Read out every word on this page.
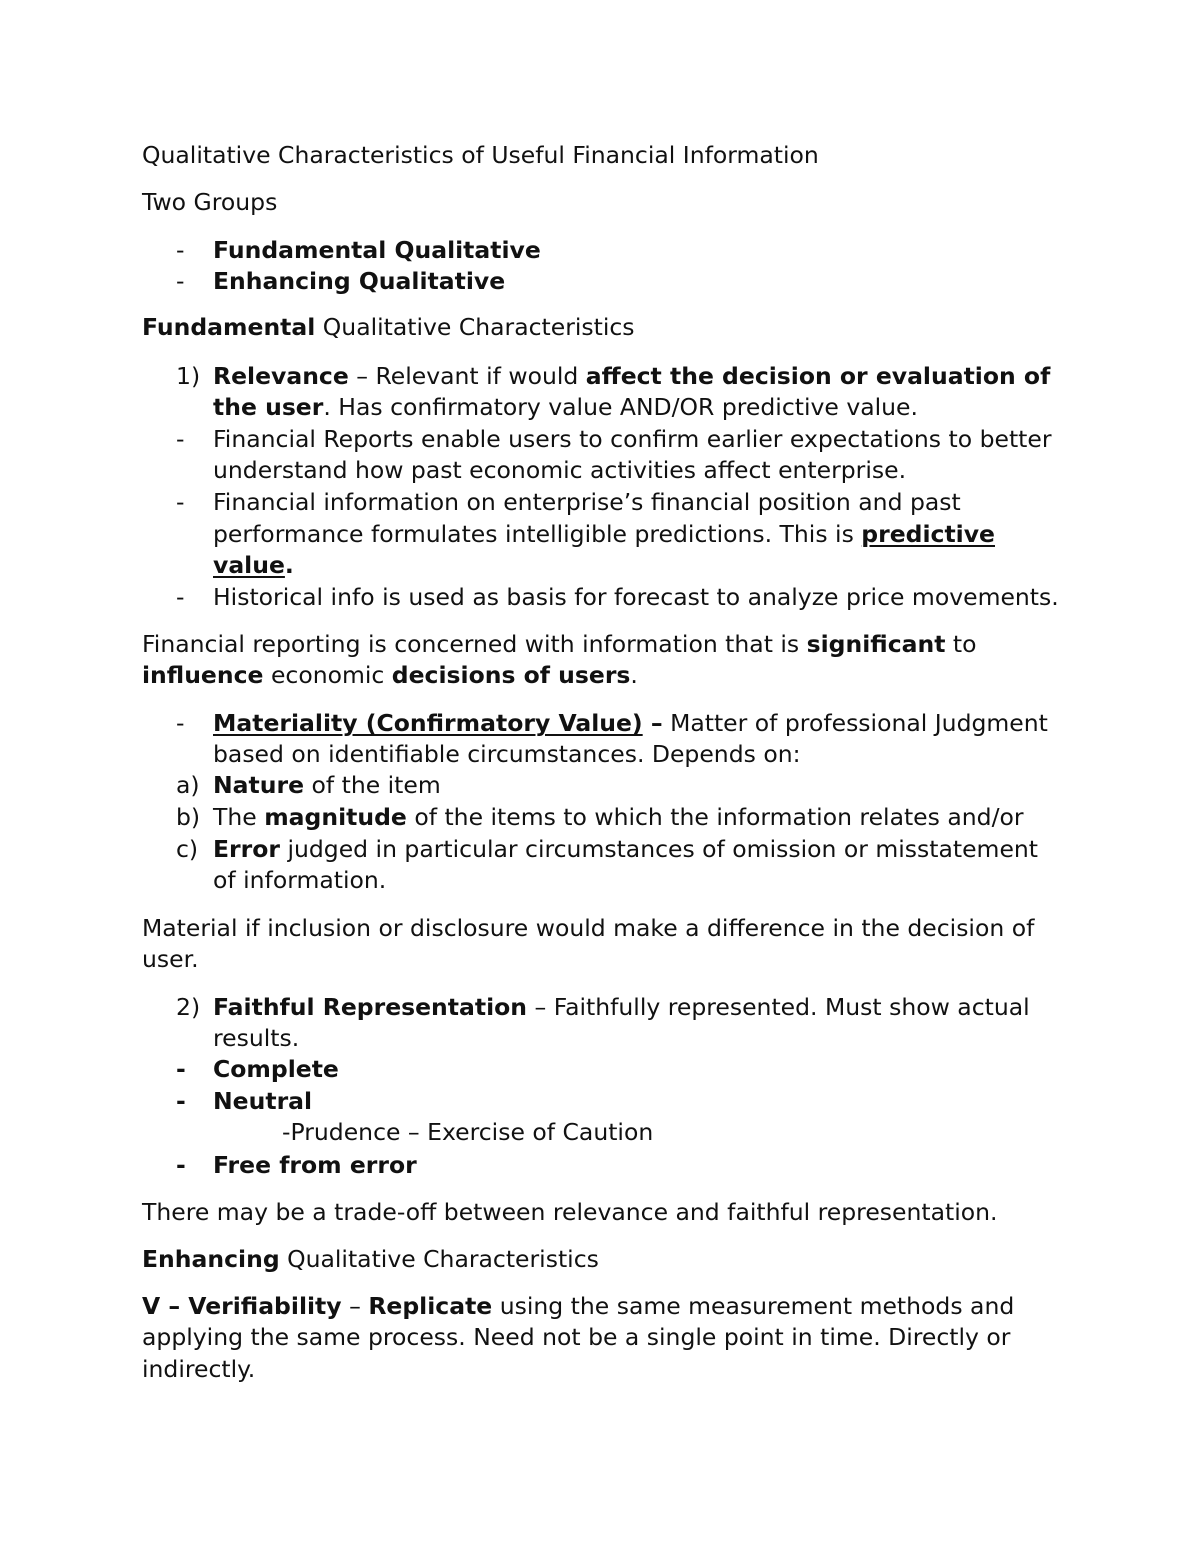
Qualitative Characteristics of Useful Financial Information
Two Groups
- Fundamental Qualitative
- Enhancing Qualitative
Fundamental Qualitative Characteristics
1) Relevance – Relevant if would affect the decision or evaluation of
the user. Has confirmatory value AND/OR predictive value.
- Financial Reports enable users to confirm earlier expectations to better
understand how past economic activities affect enterprise.
- Financial information on enterprise’s financial position and past
performance formulates intelligible predictions. This is predictive
value.
- Historical info is used as basis for forecast to analyze price movements.
Financial reporting is concerned with information that is significant to
influence economic decisions of users.
- Materiality (Confirmatory Value) – Matter of professional Judgment
based on identifiable circumstances. Depends on:
a) Nature of the item
b) The magnitude of the items to which the information relates and/or
c) Error judged in particular circumstances of omission or misstatement
of information.
Material if inclusion or disclosure would make a difference in the decision of
user.
2) Faithful Representation – Faithfully represented. Must show actual
results.
- Complete
- Neutral
-Prudence – Exercise of Caution
- Free from error
There may be a trade-off between relevance and faithful representation.
Enhancing Qualitative Characteristics
V – Verifiability – Replicate using the same measurement methods and
applying the same process. Need not be a single point in time. Directly or
indirectly.
